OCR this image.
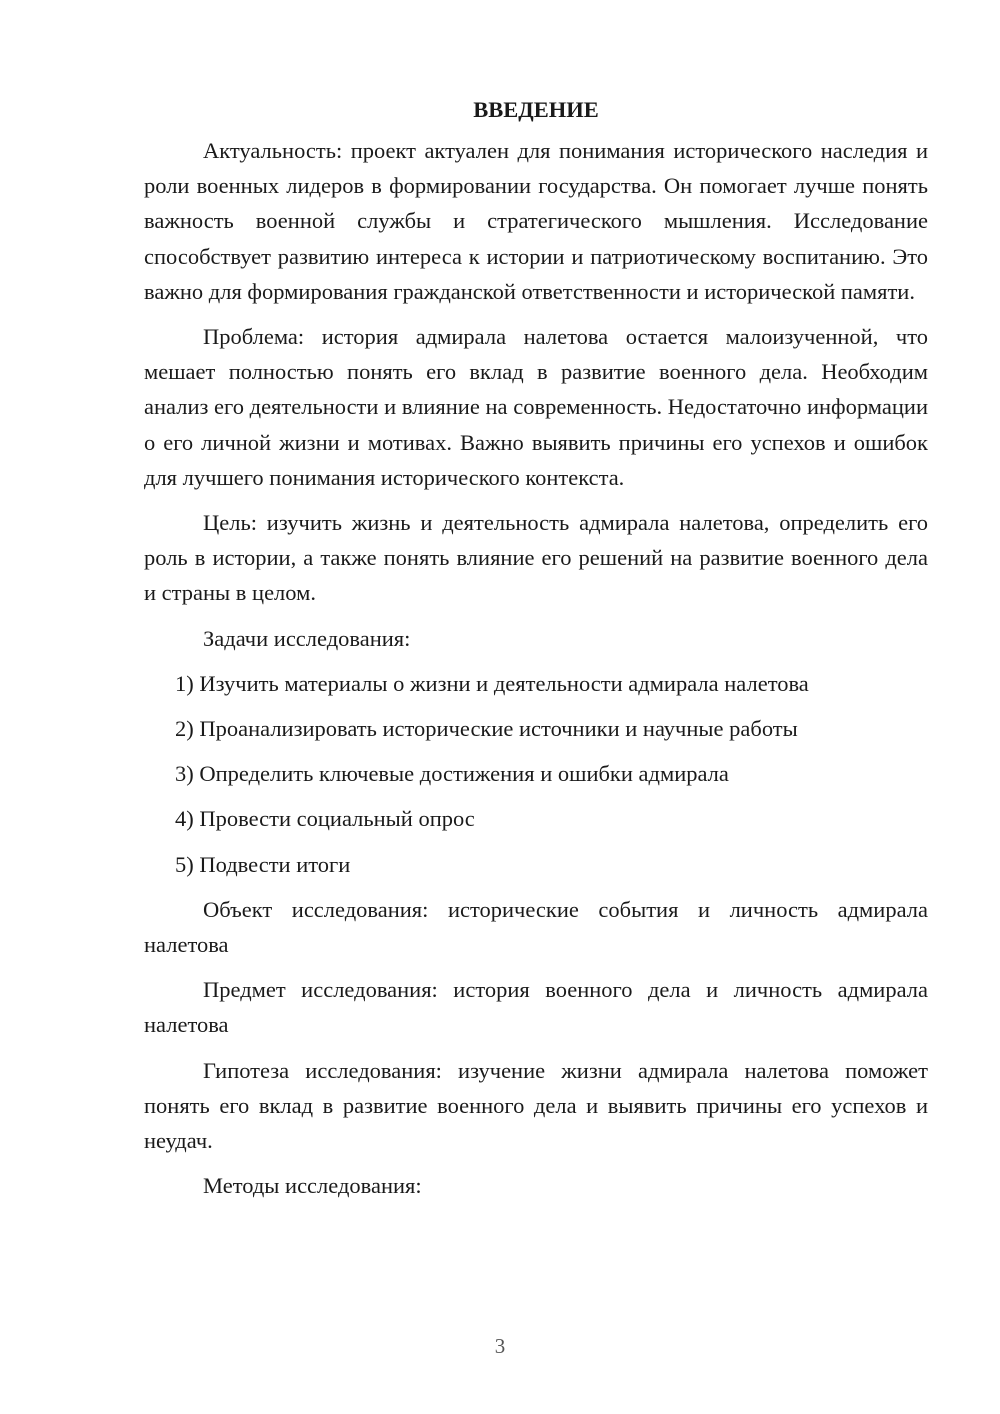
ВВЕДЕНИЕ

Актуальность: проект актуален для понимания исторического наследия и роли военных лидеров в формировании государства. Он помогает лучше понять важность военной службы и стратегического мышления. Исследование способствует развитию интереса к истории и патриотическому воспитанию. Это важно для формирования гражданской ответственности и исторической памяти.

Проблема: история адмирала налетова остается малоизученной, что мешает полностью понять его вклад в развитие военного дела. Необходим анализ его деятельности и влияние на современность. Недостаточно информации о его личной жизни и мотивах. Важно выявить причины его успехов и ошибок для лучшего понимания исторического контекста.

Цель: изучить жизнь и деятельность адмирала налетова, определить его роль в истории, а также понять влияние его решений на развитие военного дела и страны в целом.

Задачи исследования:

1) Изучить материалы о жизни и деятельности адмирала налетова
2) Проанализировать исторические источники и научные работы
3) Определить ключевые достижения и ошибки адмирала
4) Провести социальный опрос
5) Подвести итоги

Объект исследования: исторические события и личность адмирала налетова

Предмет исследования: история военного дела и личность адмирала налетова

Гипотеза исследования: изучение жизни адмирала налетова поможет понять его вклад в развитие военного дела и выявить причины его успехов и неудач.

Методы исследования:

3
